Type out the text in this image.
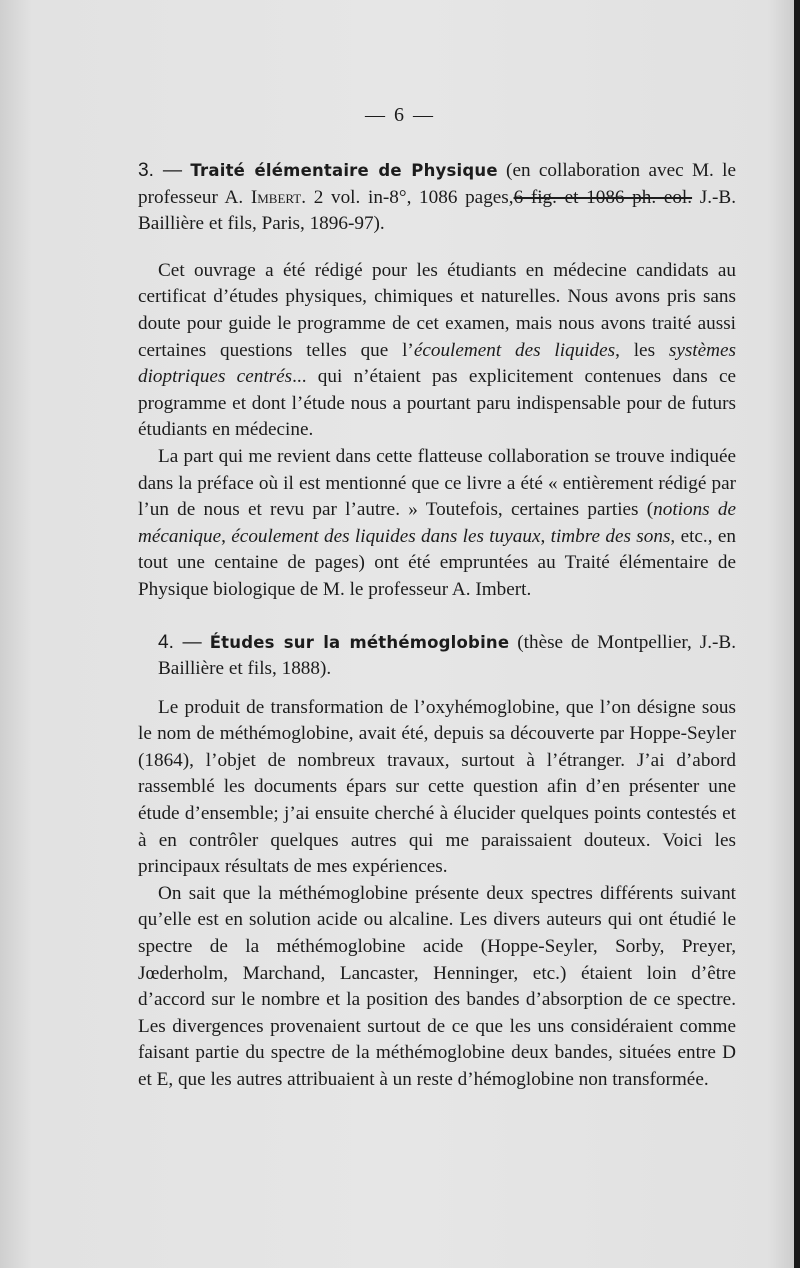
— 6 —
3. — Traité élémentaire de Physique (en collaboration avec M. le professeur A. Imbert. 2 vol. in-8°, 1086 pages,6 fig. et 1086 ph. eol. J.-B. Baillière et fils, Paris, 1896-97).

Cet ouvrage a été rédigé pour les étudiants en médecine candidats au certificat d’études physiques, chimiques et naturelles. Nous avons pris sans doute pour guide le programme de cet examen, mais nous avons traité aussi certaines questions telles que l’écoulement des liquides, les systèmes dioptriques centrés... qui n’étaient pas explicitement contenues dans ce programme et dont l’étude nous a pourtant paru indispensable pour de futurs étudiants en médecine.

La part qui me revient dans cette flatteuse collaboration se trouve indiquée dans la préface où il est mentionné que ce livre a été « entièrement rédigé par l’un de nous et revu par l’autre. » Toutefois, certaines parties (notions de mécanique, écoulement des liquides dans les tuyaux, timbre des sons, etc., en tout une centaine de pages) ont été empruntées au Traité élémentaire de Physique biologique de M. le professeur A. Imbert.

4. — Études sur la méthémoglobine (thèse de Montpellier, J.-B. Baillière et fils, 1888).

Le produit de transformation de l’oxyhémoglobine, que l’on désigne sous le nom de méthémoglobine, avait été, depuis sa découverte par Hoppe-Seyler (1864), l’objet de nombreux travaux, surtout à l’étranger. J’ai d’abord rassemblé les documents épars sur cette question afin d’en présenter une étude d’ensemble; j’ai ensuite cherché à élucider quelques points contestés et à en contrôler quelques autres qui me paraissaient douteux. Voici les principaux résultats de mes expériences.

On sait que la méthémoglobine présente deux spectres différents suivant qu’elle est en solution acide ou alcaline. Les divers auteurs qui ont étudié le spectre de la méthémoglobine acide (Hoppe-Seyler, Sorby, Preyer, Jœderholm, Marchand, Lancaster, Henninger, etc.) étaient loin d’être d’accord sur le nombre et la position des bandes d’absorption de ce spectre. Les divergences provenaient surtout de ce que les uns considéraient comme faisant partie du spectre de la méthémoglobine deux bandes, situées entre D et E, que les autres attribuaient à un reste d’hémoglobine non transformée.
